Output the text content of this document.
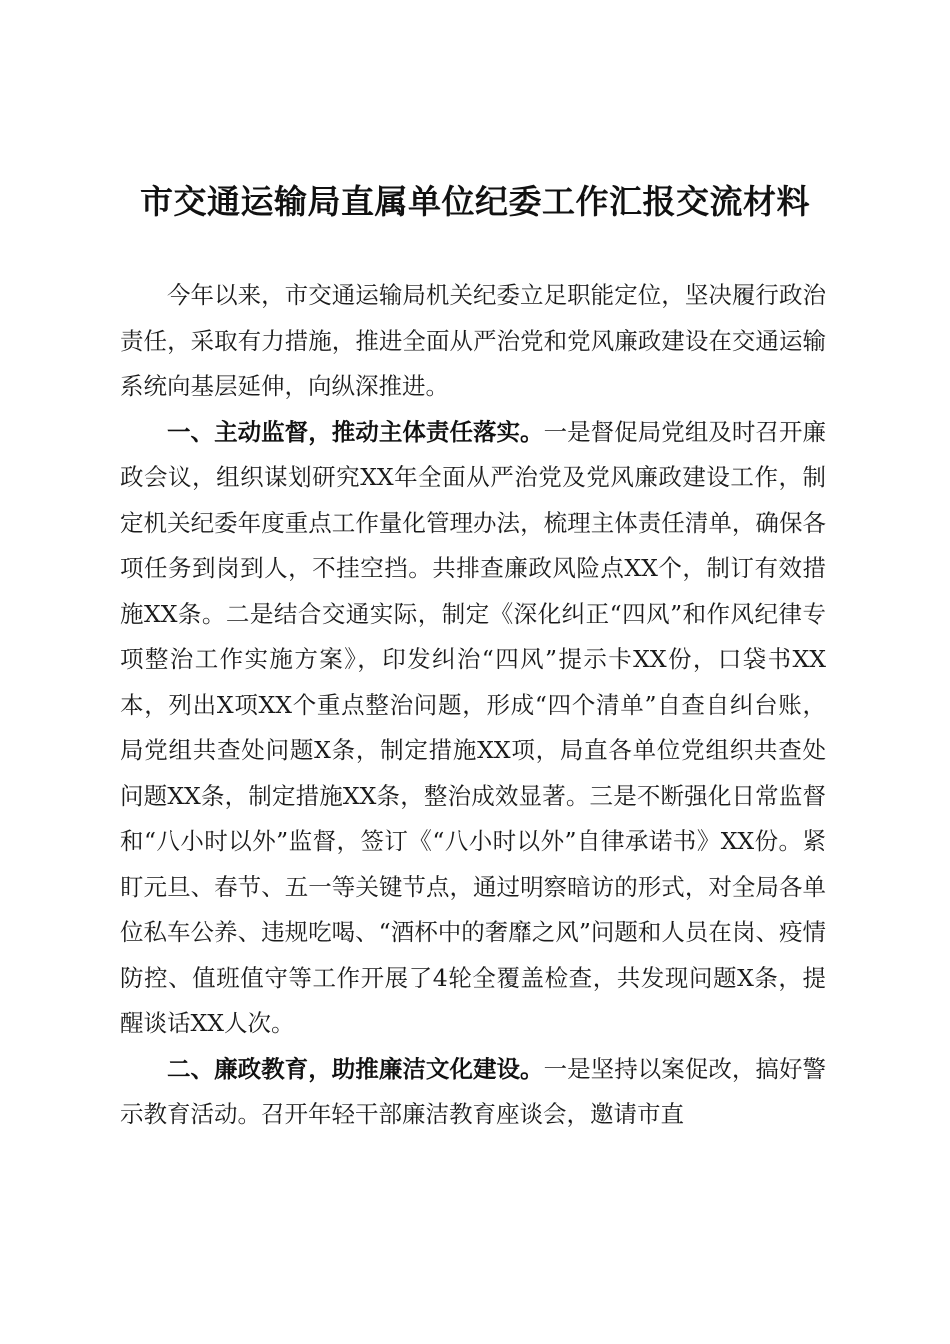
市交通运输局直属单位纪委工作汇报交流材料

今年以来，市交通运输局机关纪委立足职能定位，坚决履行政治责任，采取有力措施，推进全面从严治党和党风廉政建设在交通运输系统向基层延伸，向纵深推进。

一、主动监督，推动主体责任落实。一是督促局党组及时召开廉政会议，组织谋划研究XX年全面从严治党及党风廉政建设工作，制定机关纪委年度重点工作量化管理办法，梳理主体责任清单，确保各项任务到岗到人，不挂空挡。共排查廉政风险点XX个，制订有效措施XX条。二是结合交通实际，制定《深化纠正“四风”和作风纪律专项整治工作实施方案》，印发纠治“四风”提示卡XX份，口袋书XX本，列出X项XX个重点整治问题，形成“四个清单”自查自纠台账，局党组共查处问题X条，制定措施XX项，局直各单位党组织共查处问题XX条，制定措施XX条，整治成效显著。三是不断强化日常监督和“八小时以外”监督，签订《“八小时以外”自律承诺书》XX份。紧盯元旦、春节、五一等关键节点，通过明察暗访的形式，对全局各单位私车公养、违规吃喝、“酒杯中的奢靡之风”问题和人员在岗、疫情防控、值班值守等工作开展了4轮全覆盖检查，共发现问题X条，提醒谈话XX人次。

二、廉政教育，助推廉洁文化建设。一是坚持以案促改，搞好警示教育活动。召开年轻干部廉洁教育座谈会，邀请市直
